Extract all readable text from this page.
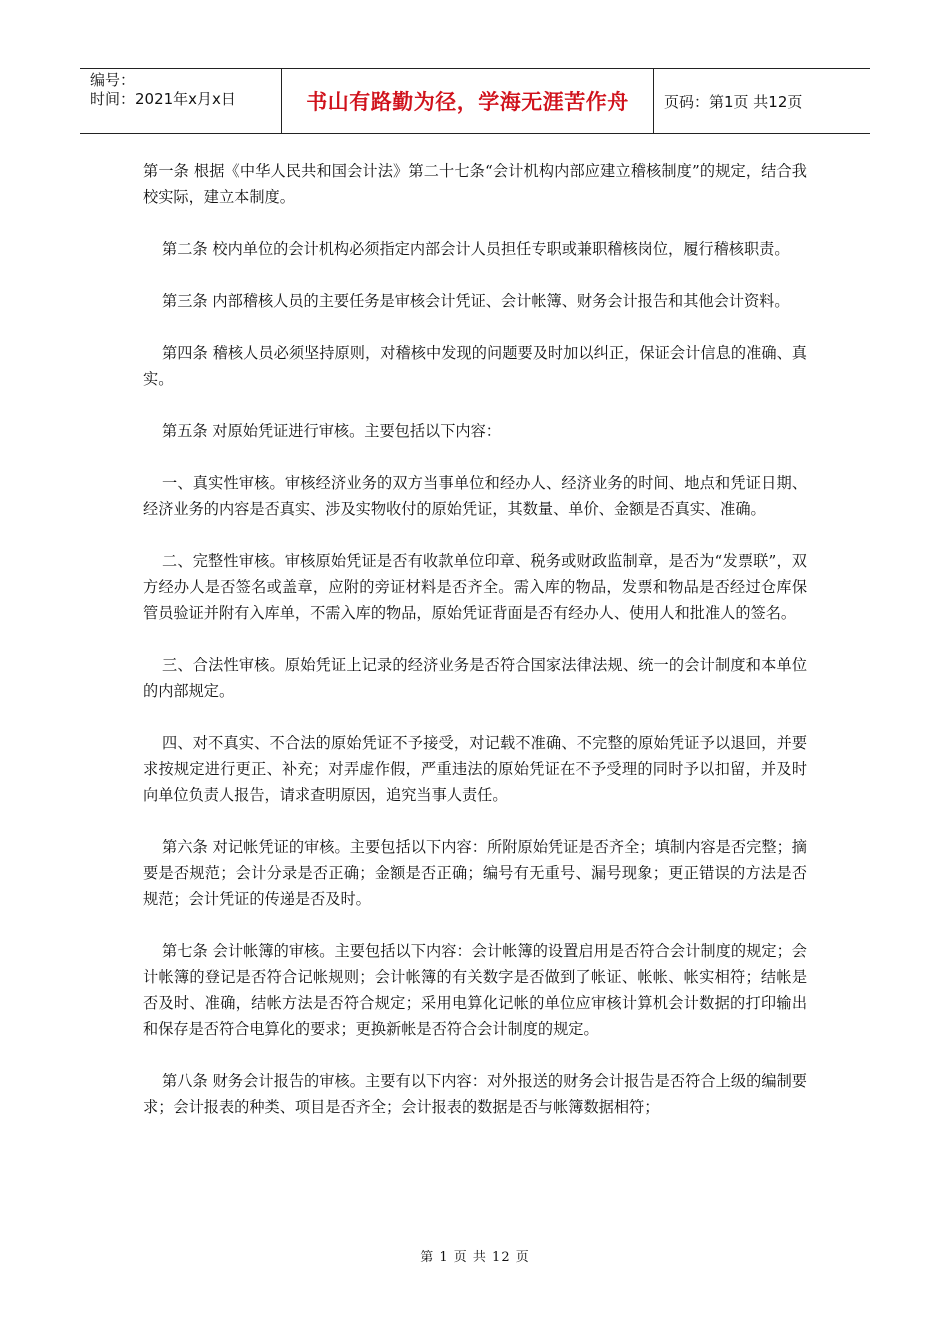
编号：
时间：2021年x月x日	书山有路勤为径，学海无涯苦作舟	页码：第1页 共12页

第一条 根据《中华人民共和国会计法》第二十七条“会计机构内部应建立稽核制度”的规定，结合我校实际，建立本制度。

第二条 校内单位的会计机构必须指定内部会计人员担任专职或兼职稽核岗位，履行稽核职责。

第三条 内部稽核人员的主要任务是审核会计凭证、会计帐簿、财务会计报告和其他会计资料。

第四条 稽核人员必须坚持原则，对稽核中发现的问题要及时加以纠正，保证会计信息的准确、真实。

第五条 对原始凭证进行审核。主要包括以下内容：

一、真实性审核。审核经济业务的双方当事单位和经办人、经济业务的时间、地点和凭证日期、经济业务的内容是否真实、涉及实物收付的原始凭证，其数量、单价、金额是否真实、准确。

二、完整性审核。审核原始凭证是否有收款单位印章、税务或财政监制章，是否为“发票联”，双方经办人是否签名或盖章，应附的旁证材料是否齐全。需入库的物品，发票和物品是否经过仓库保管员验证并附有入库单，不需入库的物品，原始凭证背面是否有经办人、使用人和批准人的签名。

三、合法性审核。原始凭证上记录的经济业务是否符合国家法律法规、统一的会计制度和本单位的内部规定。

四、对不真实、不合法的原始凭证不予接受，对记载不准确、不完整的原始凭证予以退回，并要求按规定进行更正、补充；对弄虚作假，严重违法的原始凭证在不予受理的同时予以扣留，并及时向单位负责人报告，请求查明原因，追究当事人责任。

第六条 对记帐凭证的审核。主要包括以下内容：所附原始凭证是否齐全；填制内容是否完整；摘要是否规范；会计分录是否正确；金额是否正确；编号有无重号、漏号现象；更正错误的方法是否规范；会计凭证的传递是否及时。

第七条 会计帐簿的审核。主要包括以下内容：会计帐簿的设置启用是否符合会计制度的规定；会计帐簿的登记是否符合记帐规则；会计帐簿的有关数字是否做到了帐证、帐帐、帐实相符；结帐是否及时、准确，结帐方法是否符合规定；采用电算化记帐的单位应审核计算机会计数据的打印输出和保存是否符合电算化的要求；更换新帐是否符合会计制度的规定。

第八条 财务会计报告的审核。主要有以下内容：对外报送的财务会计报告是否符合上级的编制要求；会计报表的种类、项目是否齐全；会计报表的数据是否与帐簿数据相符；

第 1 页 共 12 页
